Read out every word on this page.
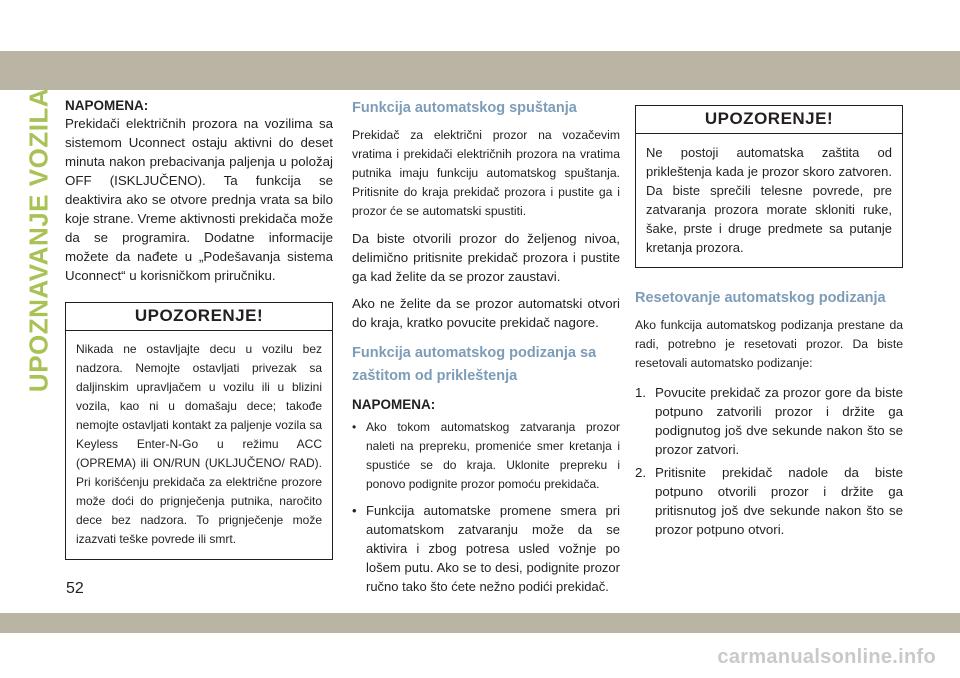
UPOZNAVANJE VOZILA NAPOMENA:

Prekidači električnih prozora na vozilima sa sistemom Uconnect ostaju aktivni do deset minuta nakon prebacivanja paljenja u položaj OFF (ISKLJUČENO). Ta funkcija se deaktivira ako se otvore prednja vrata sa bilo koje strane. Vreme aktivnosti prekidača može da se programira. Dodatne informacije možete da nađete u „Podešavanja sistema Uconnect“ u korisničkom priručniku.

UPOZORENJE!
Nikada ne ostavljajte decu u vozilu bez nadzora. Nemojte ostavljati privezak sa daljinskim upravljačem u vozilu ili u blizini vozila, kao ni u domašaju dece; takođe nemojte ostavljati kontakt za paljenje vozila sa Keyless Enter-N-Go u režimu ACC (OPREMA) ili ON/RUN (UKLJUČENO/ RAD). Pri korišćenju prekidača za električne prozore može doći do prignječenja putnika, naročito dece bez nadzora. To prignječenje može izazvati teške povrede ili smrt.

Funkcija automatskog spuštanja

Prekidač za električni prozor na vozačevim vratima i prekidači električnih prozora na vratima putnika imaju funkciju automatskog spuštanja. Pritisnite do kraja prekidač prozora i pustite ga i prozor će se automatski spustiti.

Da biste otvorili prozor do željenog nivoa, delimično pritisnite prekidač prozora i pustite ga kad želite da se prozor zaustavi.

Ako ne želite da se prozor automatski otvori do kraja, kratko povucite prekidač nagore.

Funkcija automatskog podizanja sa zaštitom od prikleštenja

NAPOMENA:

• Ako tokom automatskog zatvaranja prozor naleti na prepreku, promeniće smer kretanja i spustiće se do kraja. Uklonite prepreku i ponovo podignite prozor pomoću prekidača.

• Funkcija automatske promene smera pri automatskom zatvaranju može da se aktivira i zbog potresa usled vožnje po lošem putu. Ako se to desi, podignite prozor ručno tako što ćete nežno podići prekidač.

UPOZORENJE!
Ne postoji automatska zaštita od prikleštenja kada je prozor skoro zatvoren. Da biste sprečili telesne povrede, pre zatvaranja prozora morate skloniti ruke, šake, prste i druge predmete sa putanje kretanja prozora.

Resetovanje automatskog podizanja

Ako funkcija automatskog podizanja prestane da radi, potrebno je resetovati prozor. Da biste resetovali automatsko podizanje:

1. Povucite prekidač za prozor gore da biste potpuno zatvorili prozor i držite ga podignutog još dve sekunde nakon što se prozor zatvori.

2. Pritisnite prekidač nadole da biste potpuno otvorili prozor i držite ga pritisnutog još dve sekunde nakon što se prozor potpuno otvori.

52
carmanualsonline.info
